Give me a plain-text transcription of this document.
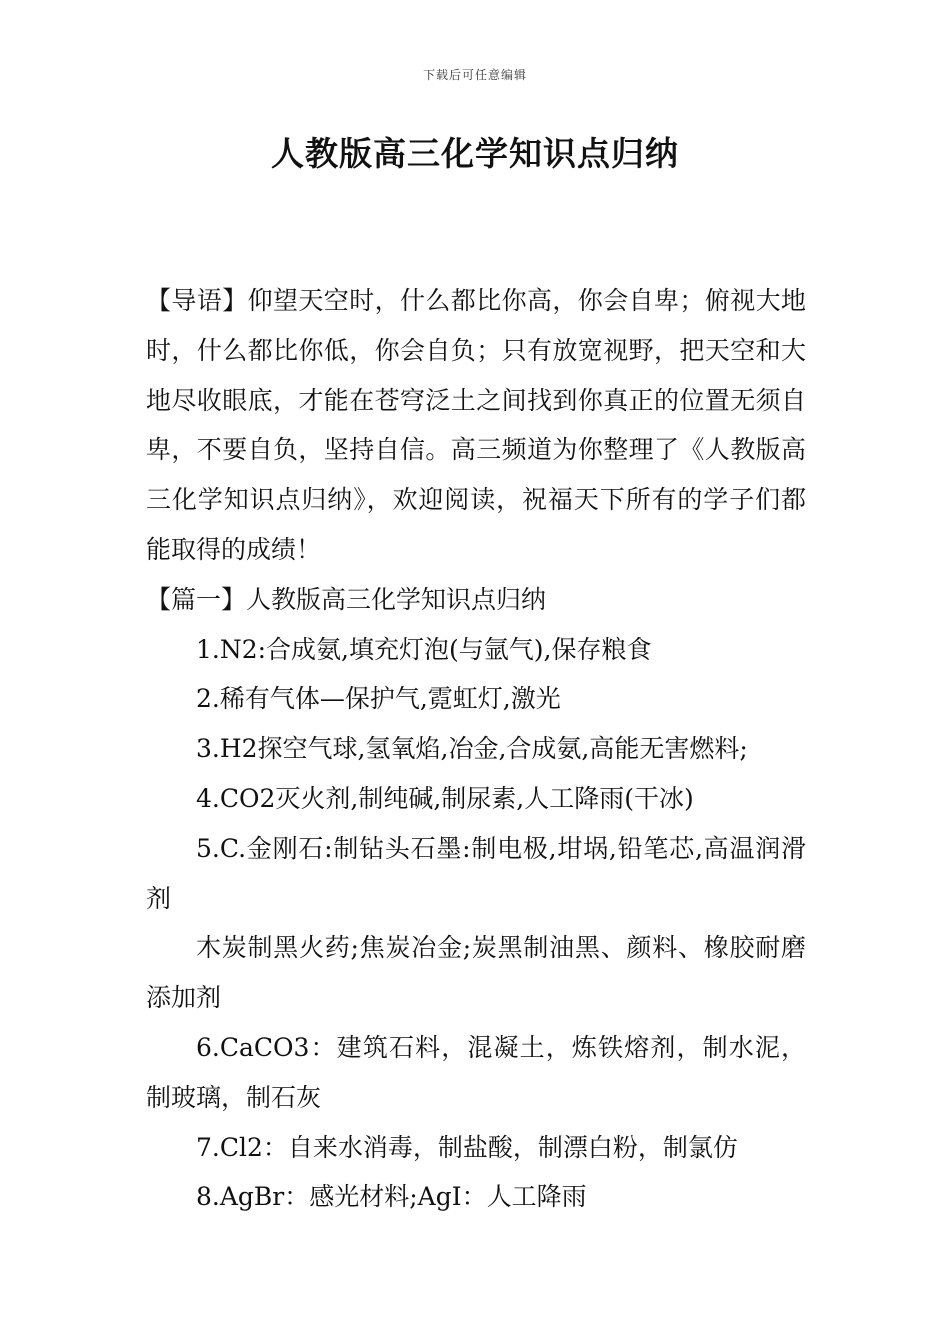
下载后可任意编辑
人教版高三化学知识点归纳

【导语】仰望天空时，什么都比你高，你会自卑；俯视大地时，什么都比你低，你会自负；只有放宽视野，把天空和大地尽收眼底，才能在苍穹泛土之间找到你真正的位置无须自卑，不要自负，坚持自信。高三频道为你整理了《人教版高三化学知识点归纳》，欢迎阅读，祝福天下所有的学子们都能取得的成绩！

【篇一】人教版高三化学知识点归纳

1.N2:合成氨,填充灯泡(与氩气),保存粮食

2.稀有气体—保护气,霓虹灯,激光

3.H2探空气球,氢氧焰,冶金,合成氨,高能无害燃料;

4.CO2灭火剂,制纯碱,制尿素,人工降雨(干冰)

5.C.金刚石:制钻头石墨:制电极,坩埚,铅笔芯,高温润滑剂

木炭制黑火药;焦炭冶金;炭黑制油黑、颜料、橡胶耐磨添加剂

6.CaCO3：建筑石料，混凝土，炼铁熔剂，制水泥，制玻璃，制石灰

7.Cl2：自来水消毒，制盐酸，制漂白粉，制氯仿

8.AgBr：感光材料;AgI：人工降雨
